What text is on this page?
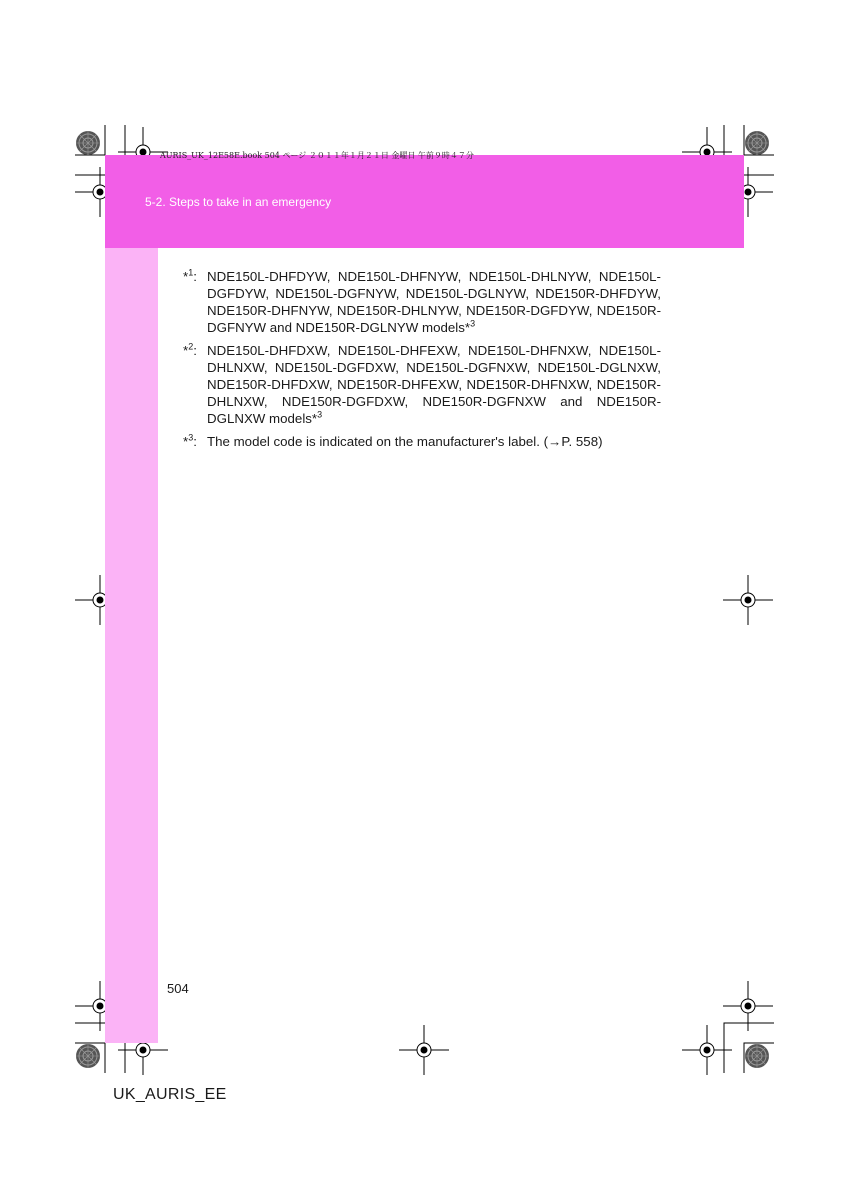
AURIS_UK_12E58E.book 504 ページ ２０１１年１月２１日 金曜日 午前９時４７分
5-2. Steps to take in an emergency
*$^1$: NDE150L-DHFDYW, NDE150L-DHFNYW, NDE150L-DHLNYW, NDE150L-DGFDYW, NDE150L-DGFNYW, NDE150L-DGLNYW, NDE150R-DHFDYW, NDE150R-DHFNYW, NDE150R-DHLNYW, NDE150R-DGFDYW, NDE150R-DGFNYW and NDE150R-DGLNYW models*$^3$
*$^2$: NDE150L-DHFDXW, NDE150L-DHFEXW, NDE150L-DHFNXW, NDE150L-DHLNXW, NDE150L-DGFDXW, NDE150L-DGFNXW, NDE150L-DGLNXW, NDE150R-DHFDXW, NDE150R-DHFEXW, NDE150R-DHFNXW, NDE150R-DHLNXW, NDE150R-DGFDXW, NDE150R-DGFNXW and NDE150R-DGLNXW models*$^3$
*$^3$: The model code is indicated on the manufacturer's label. (→P. 558)
504
UK_AURIS_EE
